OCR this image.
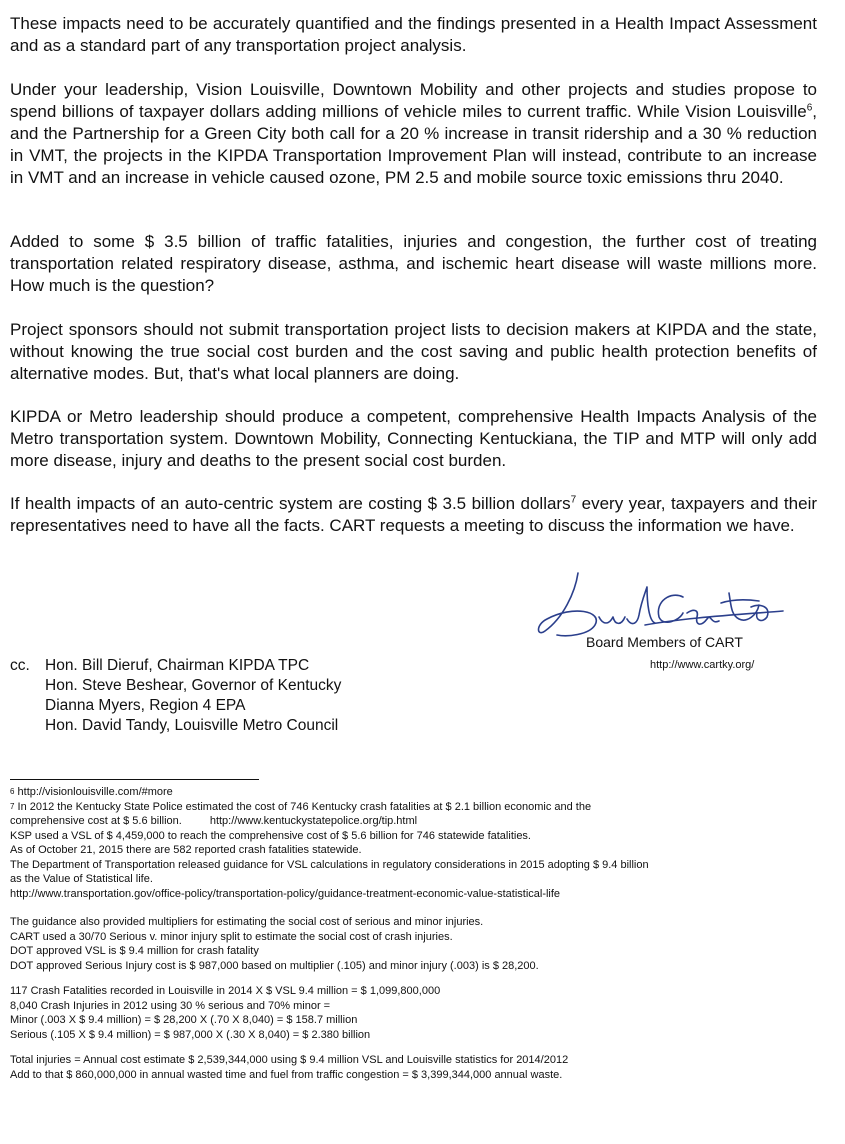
These impacts need to be accurately quantified and the findings presented in a Health Impact Assessment and as a standard part of any transportation project analysis.

Under your leadership, Vision Louisville, Downtown Mobility and other projects and studies propose to spend billions of taxpayer dollars adding millions of vehicle miles to current traffic. While Vision Louisville$^6$, and the Partnership for a Green City both call for a 20 % increase in transit ridership and a 30 % reduction in VMT, the projects in the KIPDA Transportation Improvement Plan will instead, contribute to an increase in VMT and an increase in vehicle caused ozone, PM 2.5 and mobile source toxic emissions thru 2040.

Added to some $ 3.5 billion of traffic fatalities, injuries and congestion, the further cost of treating transportation related respiratory disease, asthma, and ischemic heart disease will waste millions more. How much is the question?

Project sponsors should not submit transportation project lists to decision makers at KIPDA and the state, without knowing the true social cost burden and the cost saving and public health protection benefits of alternative modes. But, that's what local planners are doing.

KIPDA or Metro leadership should produce a competent, comprehensive Health Impacts Analysis of the Metro transportation system. Downtown Mobility, Connecting Kentuckiana, the TIP and MTP will only add more disease, injury and deaths to the present social cost burden.

If health impacts of an auto-centric system are costing $ 3.5 billion dollars$^7$ every year, taxpayers and their representatives need to have all the facts. CART requests a meeting to discuss the information we have.

Board Members of CART

http://www.cartky.org/

cc. Hon. Bill Dieruf, Chairman KIPDA TPC
Hon. Steve Beshear, Governor of Kentucky
Dianna Myers, Region 4 EPA
Hon. David Tandy, Louisville Metro Council
$^6$ http://visionlouisville.com/#more
$^7$ In 2012 the Kentucky State Police estimated the cost of 746 Kentucky crash fatalities at $ 2.1 billion economic and the
comprehensive cost at $ 5.6 billion.	http://www.kentuckystatepolice.org/tip.html
KSP used a VSL of $ 4,459,000 to reach the comprehensive cost of $ 5.6 billion for 746 statewide fatalities.
As of October 21, 2015 there are 582 reported crash fatalities statewide.
The Department of Transportation released guidance for VSL calculations in regulatory considerations in 2015 adopting $ 9.4 billion
as the Value of Statistical life.
http://www.transportation.gov/office-policy/transportation-policy/guidance-treatment-economic-value-statistical-life
The guidance also provided multipliers for estimating the social cost of serious and minor injuries.
CART used a 30/70 Serious v. minor injury split to estimate the social cost of crash injuries.
DOT approved VSL is $ 9.4 million for crash fatality
DOT approved Serious Injury cost is $ 987,000 based on multiplier (.105) and minor injury (.003) is $ 28,200.
117 Crash Fatalities recorded in Louisville in 2014 X $ VSL 9.4 million = $ 1,099,800,000
8,040 Crash Injuries in 2012 using 30 % serious and 70% minor =
Minor (.003 X $ 9.4 million) = $ 28,200 X (.70 X 8,040) = $ 158.7 million
Serious (.105 X $ 9.4 million) = $ 987,000 X (.30 X 8,040) = $ 2.380 billion
Total injuries = Annual cost estimate $ 2,539,344,000 using $ 9.4 million VSL and Louisville statistics for 2014/2012
Add to that $ 860,000,000 in annual wasted time and fuel from traffic congestion = $ 3,399,344,000 annual waste.
